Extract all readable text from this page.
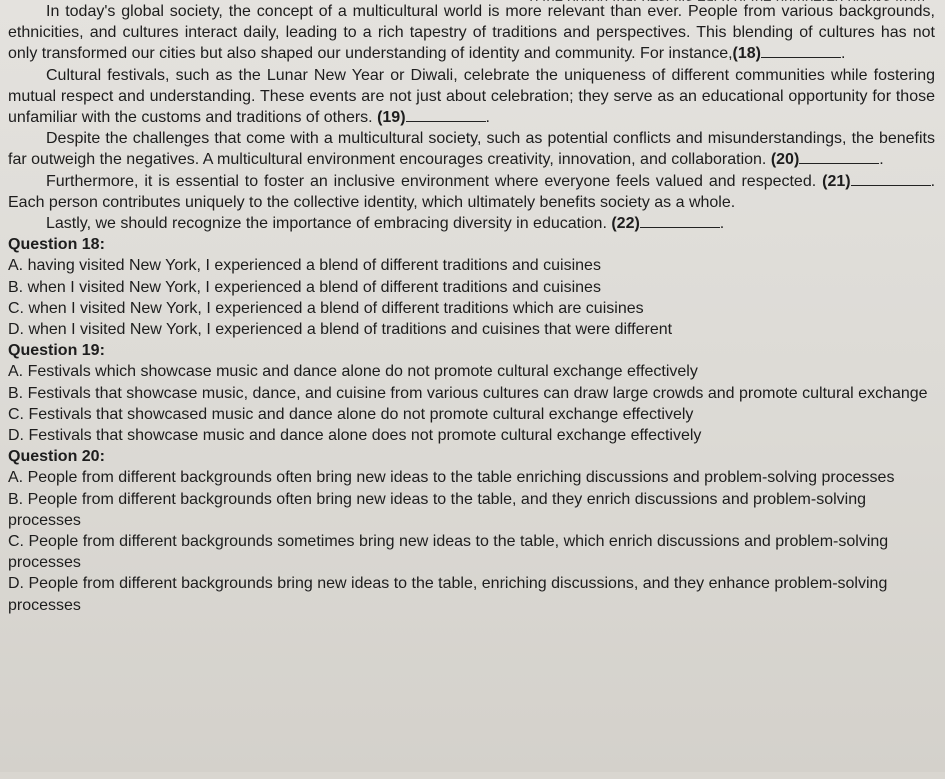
In today's global society, the concept of a multicultural world is more relevant than ever. People from various backgrounds, ethnicities, and cultures interact daily, leading to a rich tapestry of traditions and perspectives. This blending of cultures has not only transformed our cities but also shaped our understanding of identity and community. For instance,(18)	.
Cultural festivals, such as the Lunar New Year or Diwali, celebrate the uniqueness of different communities while fostering mutual respect and understanding. These events are not just about celebration; they serve as an educational opportunity for those unfamiliar with the customs and traditions of others. (19)	.
Despite the challenges that come with a multicultural society, such as potential conflicts and misunderstandings, the benefits far outweigh the negatives. A multicultural environment encourages creativity, innovation, and collaboration. (20)	.
Furthermore, it is essential to foster an inclusive environment where everyone feels valued and respected. (21)	. Each person contributes uniquely to the collective identity, which ultimately benefits society as a whole.
Lastly, we should recognize the importance of embracing diversity in education. (22)	.
Question 18:
A. having visited New York, I experienced a blend of different traditions and cuisines
B. when I visited New York, I experienced a blend of different traditions and cuisines
C. when I visited New York, I experienced a blend of different traditions which are cuisines
D. when I visited New York, I experienced a blend of traditions and cuisines that were different
Question 19:
A. Festivals which showcase music and dance alone do not promote cultural exchange effectively
B. Festivals that showcase music, dance, and cuisine from various cultures can draw large crowds and promote cultural exchange
C. Festivals that showcased music and dance alone do not promote cultural exchange effectively
D. Festivals that showcase music and dance alone does not promote cultural exchange effectively
Question 20:
A. People from different backgrounds often bring new ideas to the table enriching discussions and problem-solving processes
B. People from different backgrounds often bring new ideas to the table, and they enrich discussions and problem-solving processes
C. People from different backgrounds sometimes bring new ideas to the table, which enrich discussions and problem-solving processes
D. People from different backgrounds bring new ideas to the table, enriching discussions, and they enhance problem-solving processes
